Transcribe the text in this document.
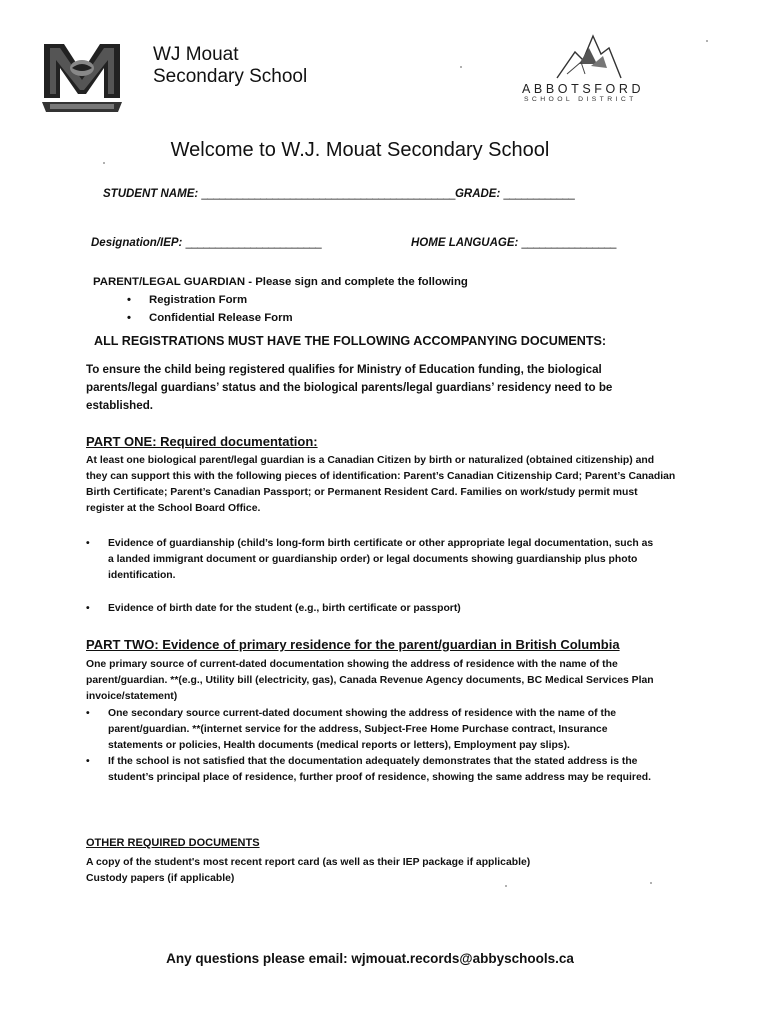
WJ Mouat
Secondary School
ABBOTSFORD
SCHOOL DISTRICT
Welcome to W.J. Mouat Secondary School
STUDENT NAME: ___________________________________________GRADE: ____________
Designation/IEP: _______________________	HOME LANGUAGE: ________________
PARENT/LEGAL GUARDIAN - Please sign and complete the following
• Registration Form
• Confidential Release Form
ALL REGISTRATIONS MUST HAVE THE FOLLOWING ACCOMPANYING DOCUMENTS:
To ensure the child being registered qualifies for Ministry of Education funding, the biological parents/legal guardians’ status and the biological parents/legal guardians’ residency need to be established.
PART ONE: Required documentation:
At least one biological parent/legal guardian is a Canadian Citizen by birth or naturalized (obtained citizenship) and they can support this with the following pieces of identification: Parent’s Canadian Citizenship Card; Parent’s Canadian Birth Certificate; Parent’s Canadian Passport; or Permanent Resident Card. Families on work/study permit must register at the School Board Office.
• Evidence of guardianship (child’s long-form birth certificate or other appropriate legal documentation, such as a landed immigrant document or guardianship order) or legal documents showing guardianship plus photo identification.
• Evidence of birth date for the student (e.g., birth certificate or passport)
PART TWO: Evidence of primary residence for the parent/guardian in British Columbia
One primary source of current-dated documentation showing the address of residence with the name of the parent/guardian. **(e.g., Utility bill (electricity, gas), Canada Revenue Agency documents, BC Medical Services Plan invoice/statement)
• One secondary source current-dated document showing the address of residence with the name of the parent/guardian. **(internet service for the address, Subject-Free Home Purchase contract, Insurance statements or policies, Health documents (medical reports or letters), Employment pay slips).
• If the school is not satisfied that the documentation adequately demonstrates that the stated address is the student’s principal place of residence, further proof of residence, showing the same address may be required.
OTHER REQUIRED DOCUMENTS
A copy of the student's most recent report card (as well as their IEP package if applicable)
Custody papers (if applicable)
Any questions please email: wjmouat.records@abbyschools.ca
